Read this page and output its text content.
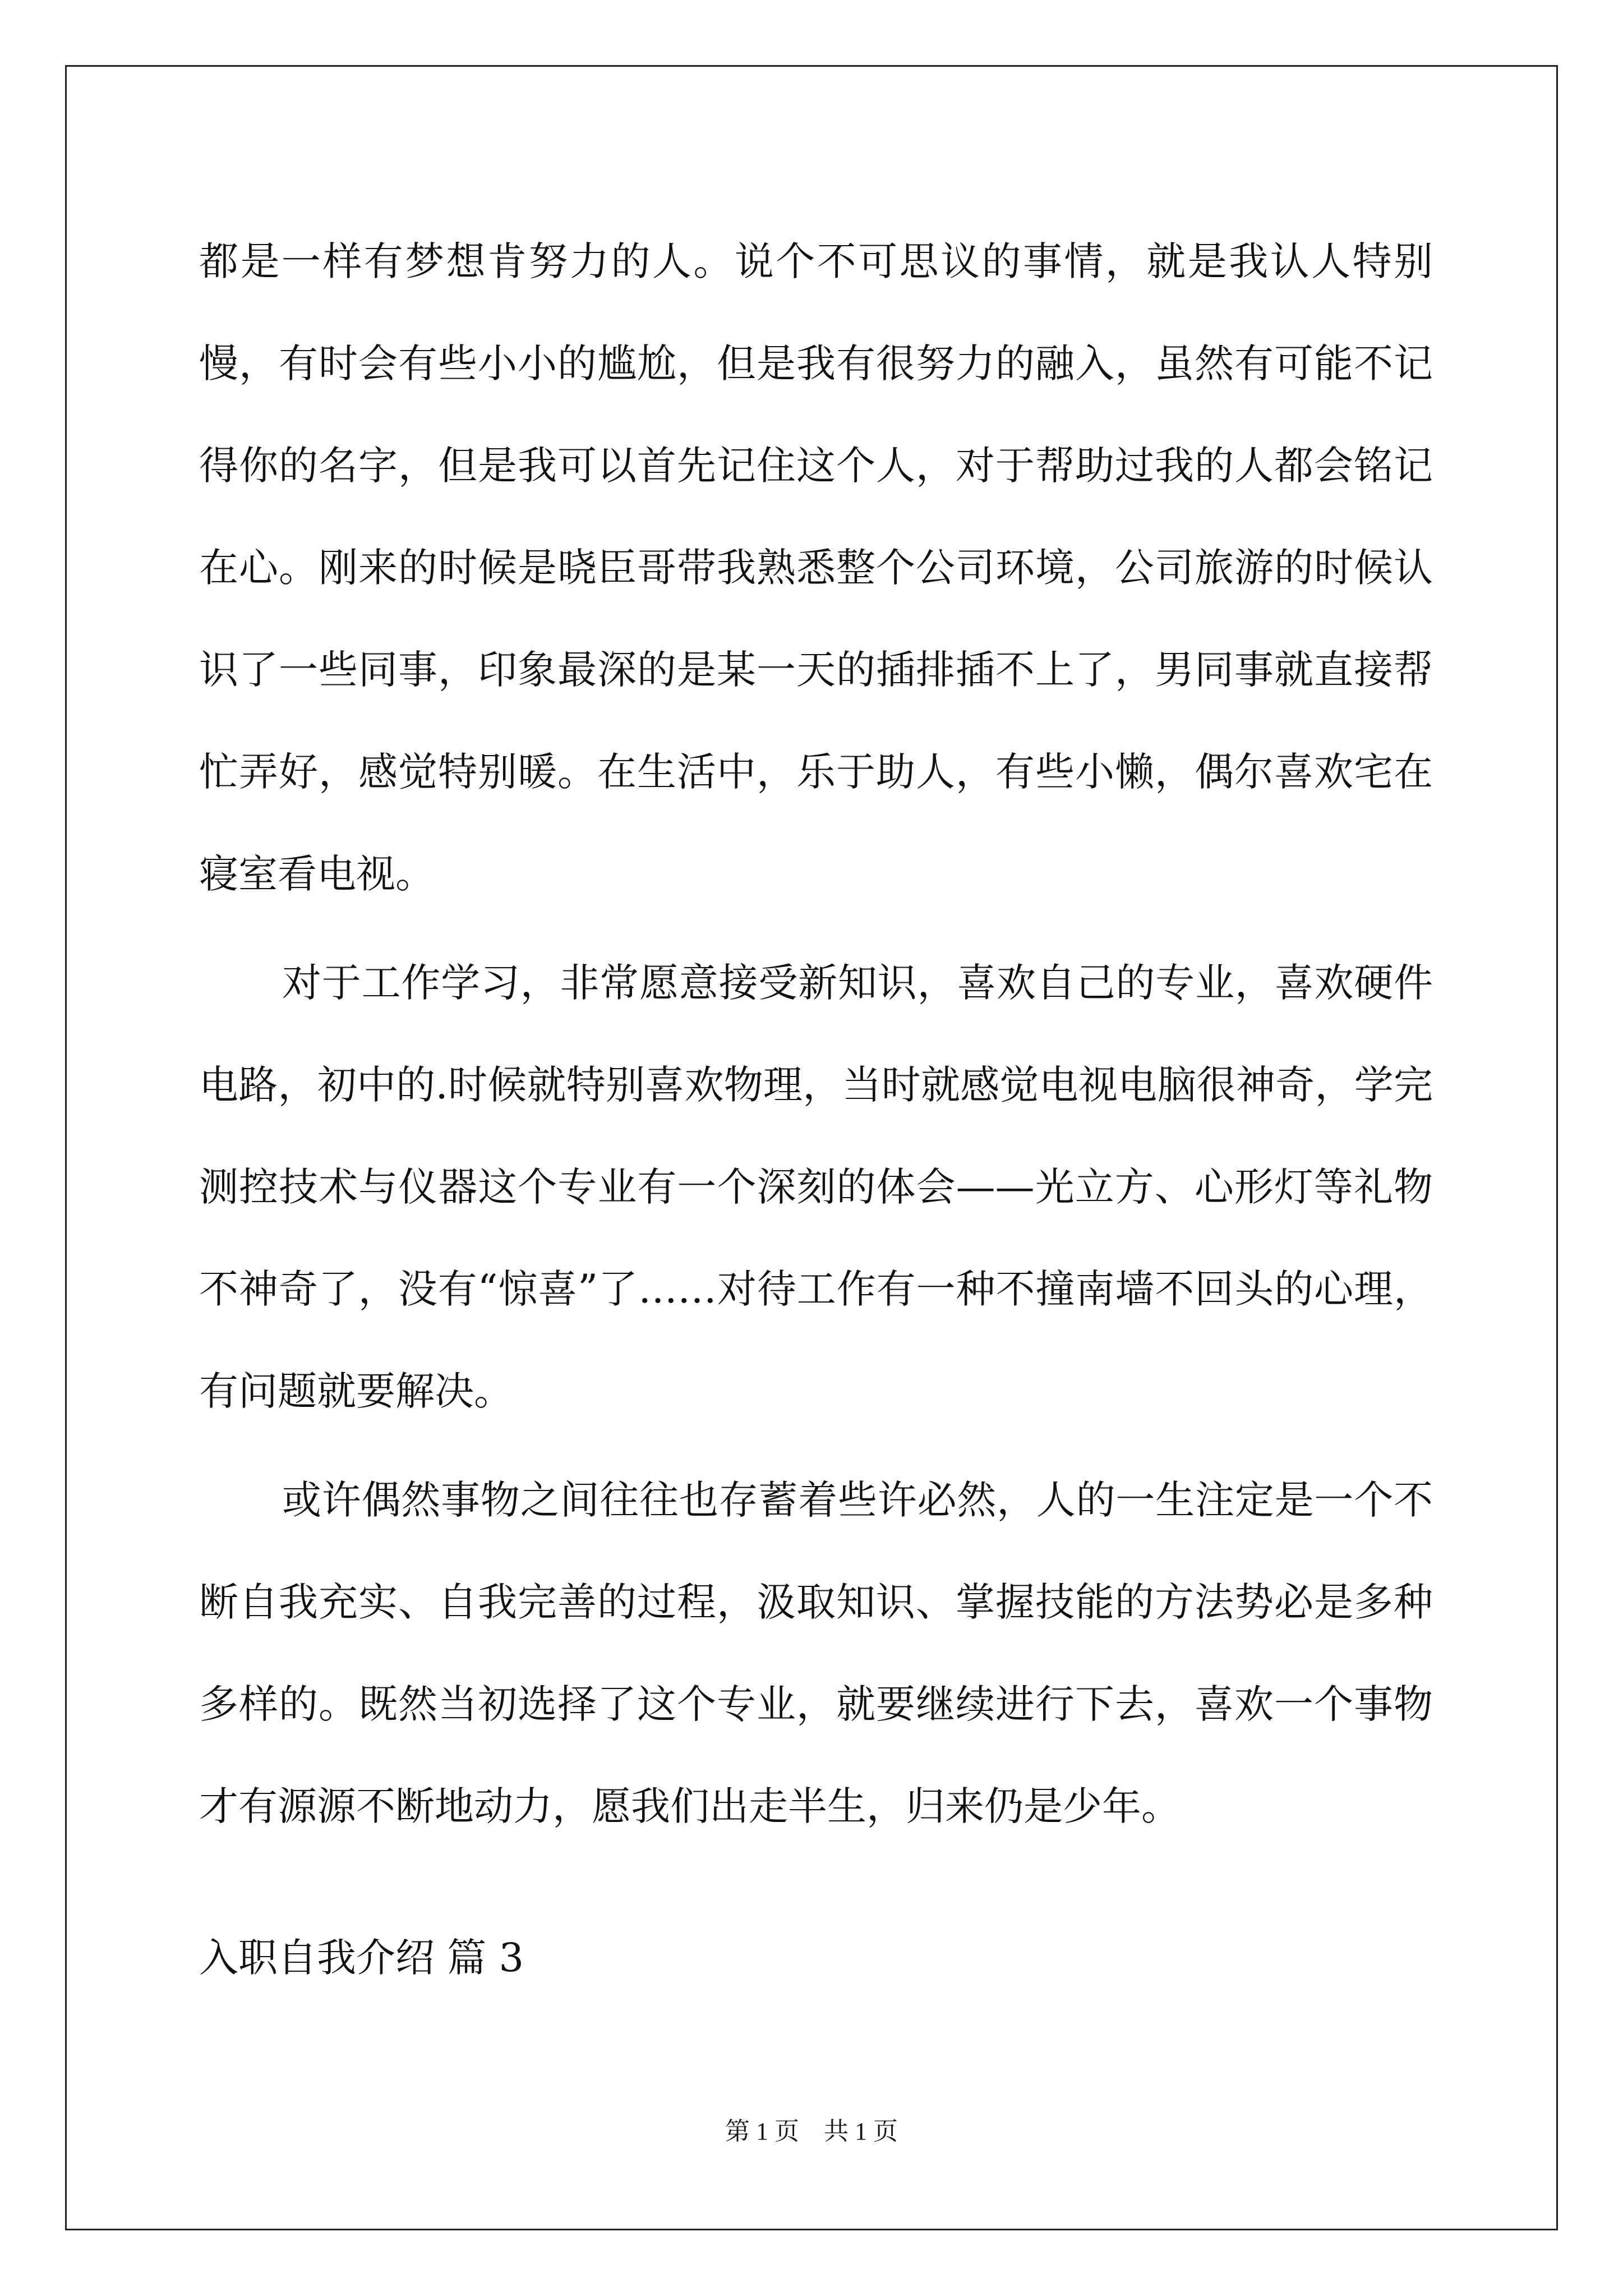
都是一样有梦想肯努力的人。说个不可思议的事情，就是我认人特别慢，有时会有些小小的尴尬，但是我有很努力的融入，虽然有可能不记得你的名字，但是我可以首先记住这个人，对于帮助过我的人都会铭记在心。刚来的时候是晓臣哥带我熟悉整个公司环境，公司旅游的时候认识了一些同事，印象最深的是某一天的插排插不上了，男同事就直接帮忙弄好，感觉特别暖。在生活中，乐于助人，有些小懒，偶尔喜欢宅在寝室看电视。

对于工作学习，非常愿意接受新知识，喜欢自己的专业，喜欢硬件电路，初中的.时候就特别喜欢物理，当时就感觉电视电脑很神奇，学完测控技术与仪器这个专业有一个深刻的体会——光立方、心形灯等礼物不神奇了，没有“惊喜”了……对待工作有一种不撞南墙不回头的心理，有问题就要解决。

或许偶然事物之间往往也存蓄着些许必然，人的一生注定是一个不断自我充实、自我完善的过程，汲取知识、掌握技能的方法势必是多种多样的。既然当初选择了这个专业，就要继续进行下去，喜欢一个事物才有源源不断地动力，愿我们出走半生，归来仍是少年。

入职自我介绍 篇 3
第 1 页　共 1 页
